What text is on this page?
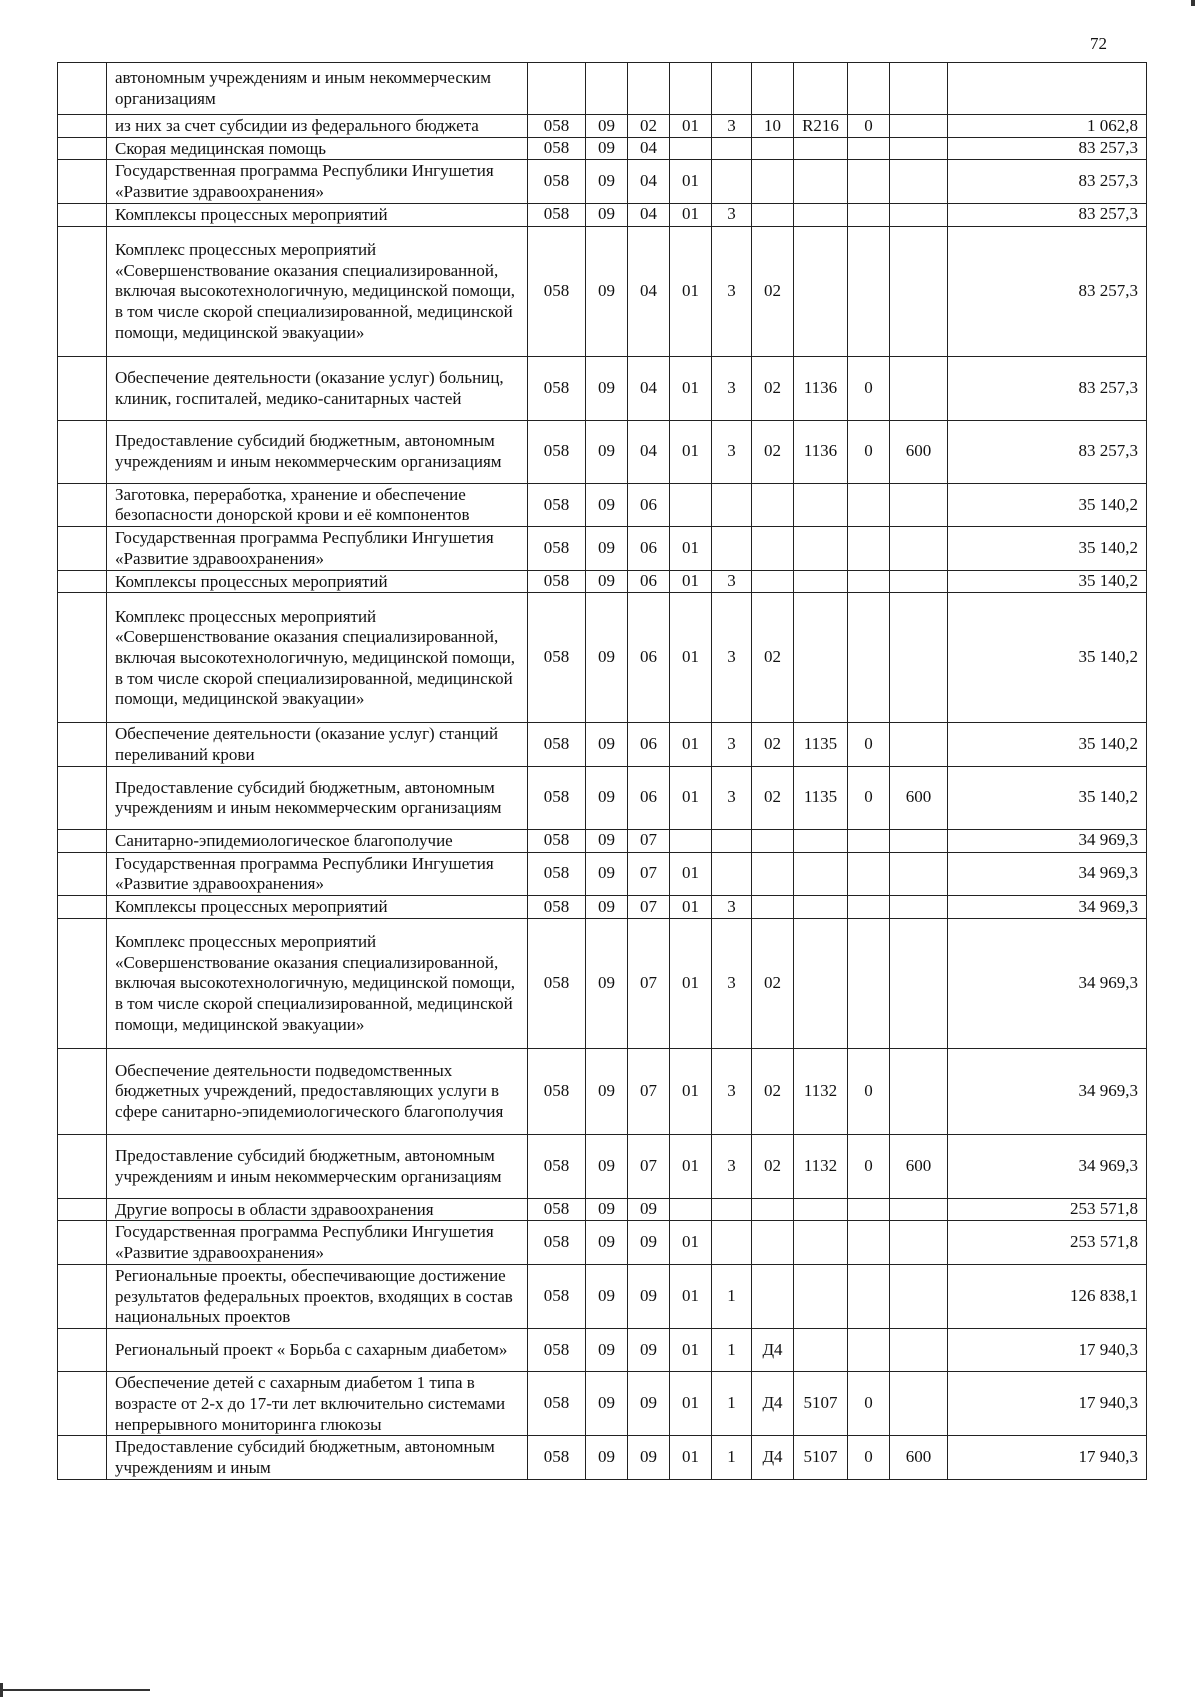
72
	автономным учреждениям и иным некоммерческим организациям										
	из них за счет субсидии из федерального бюджета	058	09	02	01	3	10	R216	0		1 062,8
	Скорая медицинская помощь	058	09	04							83 257,3
	Государственная программа Республики Ингушетия «Развитие здравоохранения»	058	09	04	01						83 257,3
	Комплексы процессных мероприятий	058	09	04	01	3					83 257,3
	Комплекс процессных мероприятий «Совершенствование оказания специализированной, включая высокотехнологичную, медицинской помощи, в том числе скорой специализированной, медицинской помощи, медицинской эвакуации»	058	09	04	01	3	02				83 257,3
	Обеспечение деятельности (оказание услуг) больниц, клиник, госпиталей, медико-санитарных частей	058	09	04	01	3	02	1136	0		83 257,3
	Предоставление субсидий бюджетным, автономным учреждениям и иным некоммерческим организациям	058	09	04	01	3	02	1136	0	600	83 257,3
	Заготовка, переработка, хранение и обеспечение безопасности донорской крови и её компонентов	058	09	06							35 140,2
	Государственная программа Республики Ингушетия «Развитие здравоохранения»	058	09	06	01						35 140,2
	Комплексы процессных мероприятий	058	09	06	01	3					35 140,2
	Комплекс процессных мероприятий «Совершенствование оказания специализированной, включая высокотехнологичную, медицинской помощи, в том числе скорой специализированной, медицинской помощи, медицинской эвакуации»	058	09	06	01	3	02				35 140,2
	Обеспечение деятельности (оказание услуг) станций переливаний крови	058	09	06	01	3	02	1135	0		35 140,2
	Предоставление субсидий бюджетным, автономным учреждениям и иным некоммерческим организациям	058	09	06	01	3	02	1135	0	600	35 140,2
	Санитарно-эпидемиологическое благополучие	058	09	07							34 969,3
	Государственная программа Республики Ингушетия «Развитие здравоохранения»	058	09	07	01						34 969,3
	Комплексы процессных мероприятий	058	09	07	01	3					34 969,3
	Комплекс процессных мероприятий «Совершенствование оказания специализированной, включая высокотехнологичную, медицинской помощи, в том числе скорой специализированной, медицинской помощи, медицинской эвакуации»	058	09	07	01	3	02				34 969,3
	Обеспечение деятельности подведомственных бюджетных учреждений, предоставляющих услуги в сфере санитарно-эпидемиологического благополучия	058	09	07	01	3	02	1132	0		34 969,3
	Предоставление субсидий бюджетным, автономным учреждениям и иным некоммерческим организациям	058	09	07	01	3	02	1132	0	600	34 969,3
	Другие вопросы в области здравоохранения	058	09	09							253 571,8
	Государственная программа Республики Ингушетия «Развитие здравоохранения»	058	09	09	01						253 571,8
	Региональные проекты, обеспечивающие достижение результатов федеральных проектов, входящих в состав национальных проектов	058	09	09	01	1					126 838,1
	Региональный проект « Борьба с сахарным диабетом»	058	09	09	01	1	Д4				17 940,3
	Обеспечение детей с сахарным диабетом 1 типа в возрасте от 2-х до 17-ти лет включительно системами непрерывного мониторинга глюкозы	058	09	09	01	1	Д4	5107	0		17 940,3
	Предоставление субсидий бюджетным, автономным учреждениям и иным	058	09	09	01	1	Д4	5107	0	600	17 940,3
